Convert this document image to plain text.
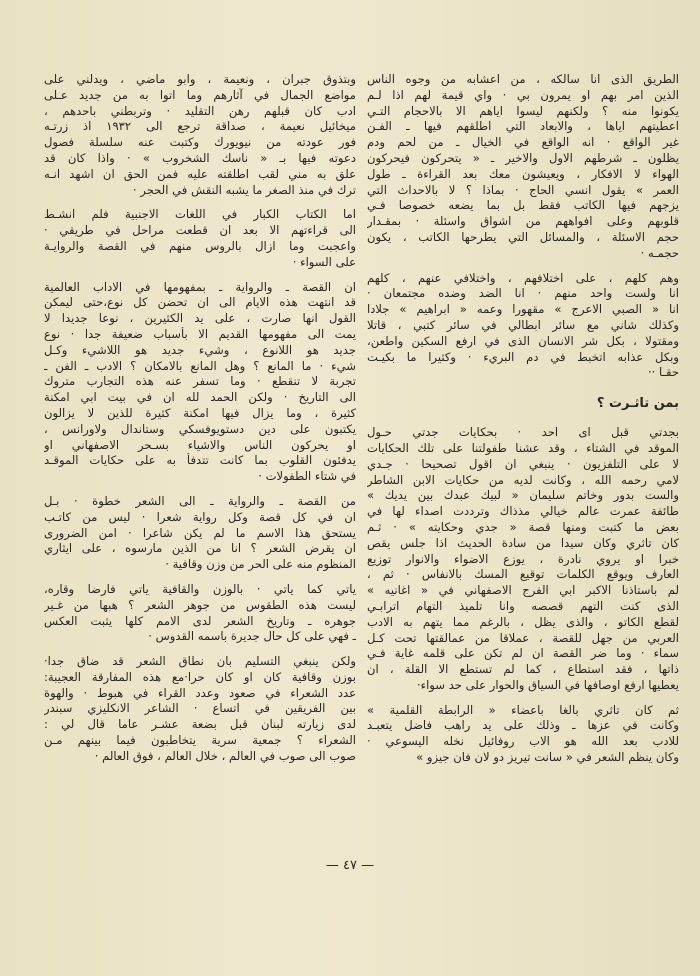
الطريق الذى انا سالكه ، من اعشابه من وجوه الناس
الذين امر بهم او يمرون بي · واي قيمة لهم اذا لـم
يكونوا منه ؟ ولكنهم ليسوا اياهم الا بالاحجام التـي
اعطيتهم اياها ، والابعاد التي اطلقهم فيها ـ الفـن
غير الواقع · انه الواقع في الخيال ـ من لحم ودم
يظلون ـ شرطهم الاول والاخير ـ « يتحركون فيحركون
الهواء لا الافكار ، ويعيشون معك بعد القراءة ـ طول
العمر » يقول انسي الحاج · بماذا ؟ لا بالاحداث التي
يزجهم فيها الكاتب فقط بل بما يضعه خصوصا فـي
قلوبهم وعلى افواههم من اشواق واسئلة · بمقـدار
حجم الاسئلة ، والمسائل التي يطرحها الكاتب ، يكون
حجمـه ·
وهم كلهم ، على اختلافهم ، واختلافي عنهم ، كلهم
انا ولست واحد منهم · انا الضد وضده مجتمعان ·
انا « الصبي الاعرج » مقهورا وعمه « ابراهيم » جلادا
وكذلك شاني مع سائر ابطالي في سائر كتبي ، قاتلا
ومقتولا ، بكل شر الانسان الذى في ارفع السكين واطعن،
وبكل عذابه اتخبط في دم البريء · وكثيرا ما بكيـت
حقـا ··
بمن تاثـرت ؟
بجدتي قبل اى احد · بحكايات جدتي حـول
الموقد في الشتاء ، وقد عشنا طفولتنا على تلك الحكايات
لا على التلفزيون · ينبغي ان اقول تصحيحا · جـدي
لامي رحمه الله ، وكانت لديه من حكايات الابن الشاطر
والست بدور وخاتم سليمان « لبيك عبدك بين يديك »
طائفة عمرت عالم خيالي مذذاك وترددت اصداء لها في
بعض ما كتبت ومنها قصة « جدي وحكايته » · ثـم
كان تاثري وكان سيدا من سادة الحديث اذا جلس يقص
خبرا او يروي نادرة ، يوزع الاضواء والانوار توزيع
العارف ويوقع الكلمات توقيع المسك بالانفاس · ثم ،
لم باستاذنا الاكبر ابي الفرج الاصفهاني في « اغانيه »
الذى كنت التهم قصصه وانا تلميذ التهام اترابـي
لقطع الكاتو ، والذى يظل ، بالرغم مما يتهم به الادب
العربي من جهل للقصة ، عملاقا من عمالقتها تحت كـل
سماء · وما ضر القصة ان لم تكن على قلمه غاية فـي
ذاتها ، فقد استطاع ، كما لم تستطع الا القلة ، ان
يعطيها ارفع اوصافها في السياق والحوار على حد سواء·
ثم كان تاثري بالغا باعضاء « الرابطة القلمية »
وكانت في عزها ـ وذلك على يد راهب فاضل يتعبـد
للادب بعد الله هو الاب روفائيل نخله اليسوعي ·
وكان ينظم الشعر في « سانت تيريز دو لان فان جيزو »
وبتذوق جبران ، ونعيمة ، وابو ماضي ، ويدلني على
مواضع الجمال في آثارهم وما اتوا به من جديد عـلى
ادب كان قبلهم رهن التقليد · وتربطني باحدهم ،
ميخائيل نعيمة ، صداقة ترجع الى ١٩٣٢ اذ زرتـه
فور عودته من نيويورك وكتبت عنه سلسلة فصول
دعوته فيها بـ « ناسك الشخروب » · واذا كان قد
علق به مني لقب اطلقته عليه فمن الحق ان اشهد انـه
ترك في منذ الصغر ما يشبه النقش في الحجر ·
اما الكتاب الكبار في اللغات الاجنبية فلم انشـط
الى قراءتهم الا بعد ان قطعت مراحل في طريقي ·
واعجبت وما ازال بالروس منهم في القصة والروايـة
على السواء ·
ان القصة ـ والرواية ـ بمفهومها في الاداب العالمية
قد انتهت هذه الايام الى ان تحضن كل نوع،حتى ليمكن
القول انها صارت ، على يد الكثيرين ، نوعا جديدا لا
يمت الى مفهومها القديم الا بأسباب ضعيفة جدا · نوع
جديد هو اللانوع ، وشيء جديد هو اللاشيء وكـل
شيء · ما المانع ؟ وهل المانع بالامكان ؟ الادب ـ الفن ـ
تجربة لا تنقطع · وما تسفر عنه هذه التجارب متروك
الى التاريخ · ولكن الحمد لله ان في بيت ابي امكنة
كثيرة ، وما يزال فيها امكنة كثيرة للذين لا يزالون
يكتبون على دين دستويوفسكي وستاندال ولاورانس ،
او يحركون الناس والاشياء بسـحر الاصفهاني او
يدفئون القلوب بما كانت تتدفأ به على حكايات الموقـد
في شتاء الطفولات ·
من القصة ـ والرواية ـ الى الشعر خطوة · بـل
ان في كل قصة وكل رواية شعرا · ليس من كاتـب
يستحق هذا الاسم ما لم يكن شاعرا · امن الضرورى
ان يقرض الشعر ؟ انا من الذين مارسوه ، على ايثاري
المنظوم منه على الحر من وزن وقافية ·
ياتي كما ياتي · بالوزن والقافية ياتي فارضا وقاره،
ليست هذه الطقوس من جوهر الشعر ؟ هبها من غـير
جوهره ـ وتاريخ الشعر لدى الامم كلها يثبت العكس
ـ فهي على كل حال جديرة باسمه القدوس ·
ولكن ينبغي التسليم بان نطاق الشعر قد ضاق جدا·
بوزن وقافية كان او كان حرا·مع هذه المفارقة العجيبة:
عدد الشعراء في صعود وعدد القراء في هبوط · والهوة
بين الفريقين في اتساع · الشاعر الانكليزي سبندر
لدى زيارته لبنان قبل بضعة عشـر عاما قال لي :
الشعراء ؟ جمعية سرية يتخاطبون فيما بينهم مـن
صوب الى صوب في العالم ، خلال العالم ، فوق العالم ·
— ٤٧ —
